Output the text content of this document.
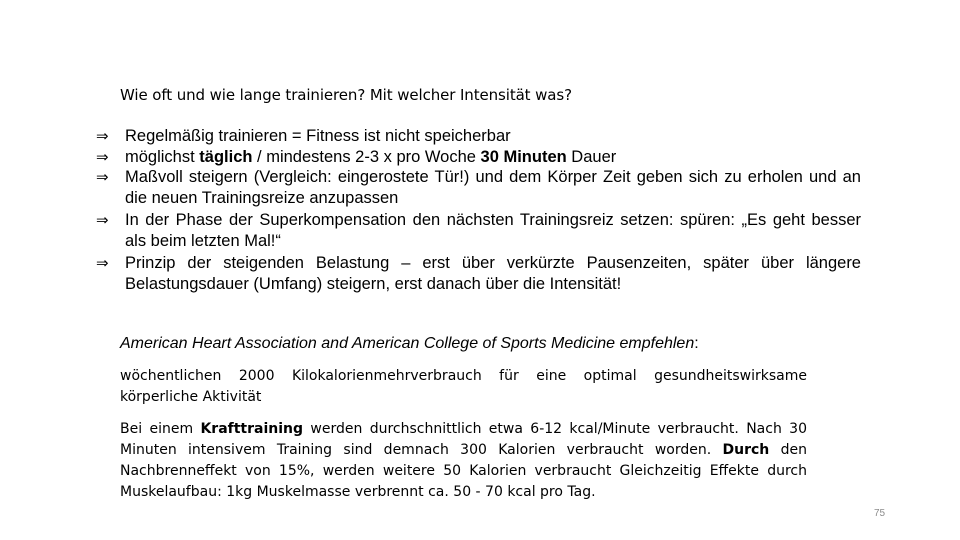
Wie oft und wie lange trainieren? Mit welcher Intensität was?
⇒ Regelmäßig trainieren = Fitness ist nicht speicherbar
⇒ möglichst täglich / mindestens 2-3 x pro Woche 30 Minuten Dauer
⇒ Maßvoll steigern (Vergleich: eingerostete Tür!) und dem Körper Zeit geben sich zu erholen und an die neuen Trainingsreize anzupassen
⇒ In der Phase der Superkompensation den nächsten Trainingsreiz setzen: spüren: „Es geht besser als beim letzten Mal!“
⇒ Prinzip der steigenden Belastung – erst über verkürzte Pausenzeiten, später über längere Belastungsdauer (Umfang) steigern, erst danach über die Intensität!
American Heart Association and American College of Sports Medicine empfehlen:
wöchentlichen 2000 Kilokalorienmehrverbrauch für eine optimal gesundheitswirksame körperliche Aktivität
Bei einem Krafttraining werden durchschnittlich etwa 6-12 kcal/Minute verbraucht. Nach 30 Minuten intensivem Training sind demnach 300 Kalorien verbraucht worden. Durch den Nachbrenneffekt von 15%, werden weitere 50 Kalorien verbraucht Gleichzeitig Effekte durch Muskelaufbau: 1kg Muskelmasse verbrennt ca. 50 - 70 kcal pro Tag.
75
